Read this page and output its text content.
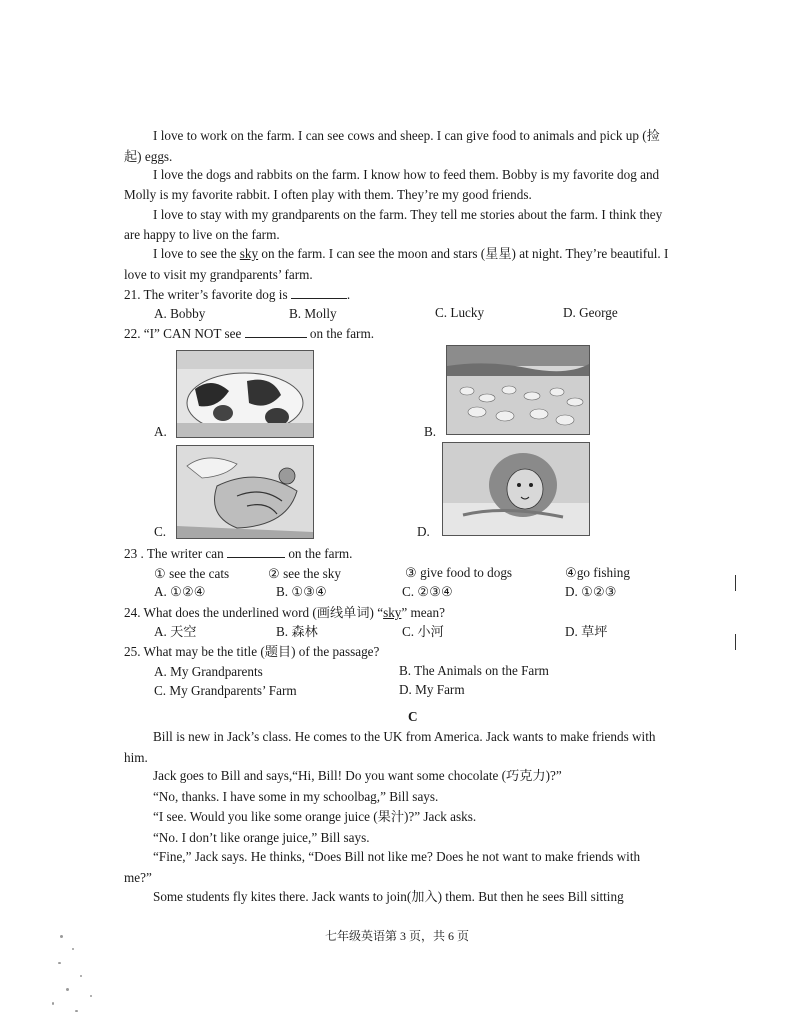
I love to work on the farm. I can see cows and sheep. I can give food to animals and pick up (捡
起) eggs.
I love the dogs and rabbits on the farm. I know how to feed them. Bobby is my favorite dog and
Molly is my favorite rabbit. I often play with them. They’re my good friends.
I love to stay with my grandparents on the farm. They tell me stories about the farm. I think they
are happy to live on the farm.
I love to see the sky on the farm. I can see the moon and stars (星星) at night. They’re beautiful. I
love to visit my grandparents’ farm.
21. The writer’s favorite dog is	.
A. Bobby	B. Molly	C. Lucky	D. George
22. “I” CAN NOT see	on the farm.
A.	B.
C.	D.
23 . The writer can	on the farm.
① see the cats	② see the sky	③ give food to dogs	④go fishing
A. ①②④	B. ①③④	C. ②③④	D. ①②③
24. What does the underlined word (画线单词) “sky” mean?
A. 天空	B. 森林	C. 小河	D. 草坪
25. What may be the title (题目) of the passage?
A. My Grandparents	B. The Animals on the Farm
C. My Grandparents’ Farm	D. My Farm
C
Bill is new in Jack’s class. He comes to the UK from America. Jack wants to make friends with
him.
Jack goes to Bill and says,“Hi, Bill! Do you want some chocolate (巧克力)?”
“No, thanks. I have some in my schoolbag,” Bill says.
“I see. Would you like some orange juice (果汁)?” Jack asks.
“No. I don’t like orange juice,” Bill says.
“Fine,” Jack says. He thinks, “Does Bill not like me? Does he not want to make friends with
me?”
Some students fly kites there. Jack wants to join(加入) them. But then he sees Bill sitting
七年级英语第 3 页，共 6 页
